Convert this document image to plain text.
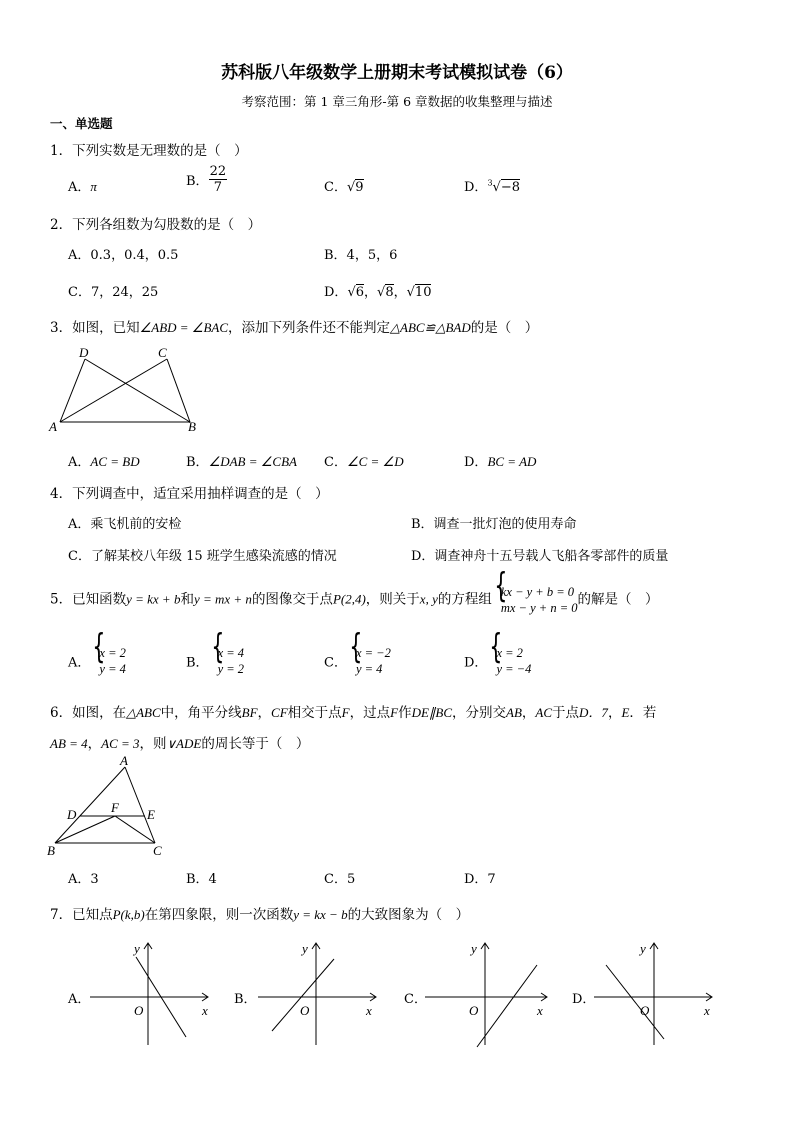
苏科版八年级数学上册期末考试模拟试卷（6）
考察范围：第 1 章三角形-第 6 章数据的收集整理与描述
一、单选题
1．下列实数是无理数的是（　）
A．π	B． $\frac{22}{7}$	C．√9	D．$^3$√−8
2．下列各组数为勾股数的是（　）
A．0.3，0.4，0.5	B．4，5，6
C．7，24，25	D．√6，√8，√10
3．如图，已知∠ABD = ∠BAC，添加下列条件还不能判定△ABC≌△BAD的是（　）
A	B
C
D
A．AC = BD	B．∠DAB = ∠CBA C．∠C = ∠D	D．BC = AD
4．下列调查中，适宜采用抽样调查的是（　）
A．乘飞机前的安检	B．调查一批灯泡的使用寿命
C．了解某校八年级 15 班学生感染流感的情况	D．调查神舟十五号载人飞船各零部件的质量
5．已知函数y = kx + b和y = mx + n的图像交于点P(2,4)，则关于x, y的方程组
{ kx − y + b = 0
mx − y + n = 0
的解是（　）
A．
{ x = 2
y = 4	B．
{ x = 4
y = 2	C．
{ x = −2
y = 4	D．
{ x = 2
y = −4
6．如图，在△ABC中，角平分线BF，CF相交于点F，过点F作DE∥BC，分别交AB，AC于点D．7，E．若
AB = 4，AC = 3，则∨ADE的周长等于（　）
A
B	C
D	E
F
A．3	B．4	C．5	D．7
7．已知点P(k,b)在第四象限，则一次函数y = kx − b的大致图象为（　）
A．
x
y
O
B．
x
y
O
C．
x
y
O
D．
x
y
O
